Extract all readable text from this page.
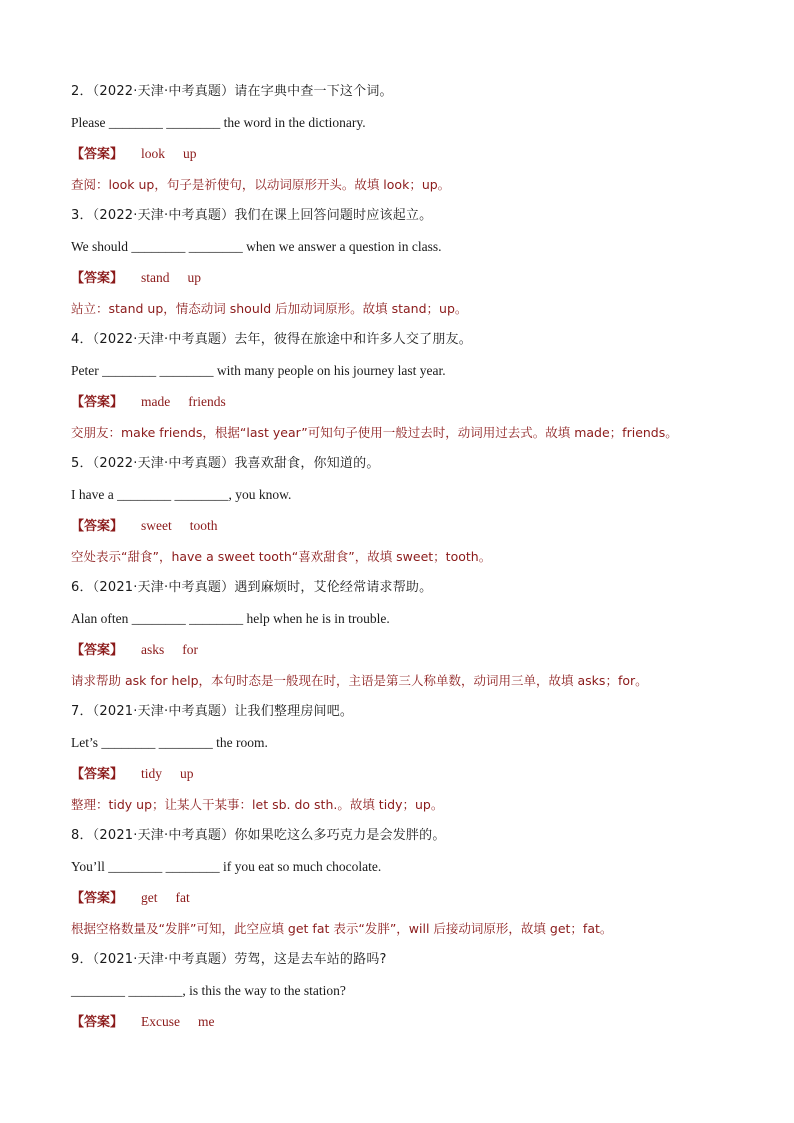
2．（2022·天津·中考真题）请在字典中查一下这个词。
Please ________ ________ the word in the dictionary.
【答案】 look up
查阅：look up，句子是祈使句，以动词原形开头。故填 look；up。
3．（2022·天津·中考真题）我们在课上回答问题时应该起立。
We should ________ ________ when we answer a question in class.
【答案】 stand up
站立：stand up，情态动词 should 后加动词原形。故填 stand；up。
4．（2022·天津·中考真题）去年，彼得在旅途中和许多人交了朋友。
Peter ________ ________ with many people on his journey last year.
【答案】 made friends
交朋友：make friends，根据“last year”可知句子使用一般过去时，动词用过去式。故填 made；friends。
5．（2022·天津·中考真题）我喜欢甜食，你知道的。
I have a ________ ________, you know.
【答案】 sweet tooth
空处表示“甜食”，have a sweet tooth“喜欢甜食”，故填 sweet；tooth。
6．（2021·天津·中考真题）遇到麻烦时，艾伦经常请求帮助。
Alan often ________ ________ help when he is in trouble.
【答案】 asks for
请求帮助 ask for help，本句时态是一般现在时，主语是第三人称单数，动词用三单，故填 asks；for。
7．（2021·天津·中考真题）让我们整理房间吧。
Let’s ________ ________ the room.
【答案】 tidy up
整理：tidy up；让某人干某事：let sb. do sth.。故填 tidy；up。
8．（2021·天津·中考真题）你如果吃这么多巧克力是会发胖的。
You’ll ________ ________ if you eat so much chocolate.
【答案】 get fat
根据空格数量及“发胖”可知，此空应填 get fat 表示“发胖”，will 后接动词原形，故填 get；fat。
9．（2021·天津·中考真题）劳驾，这是去车站的路吗?
________ ________, is this the way to the station?
【答案】 Excuse me
